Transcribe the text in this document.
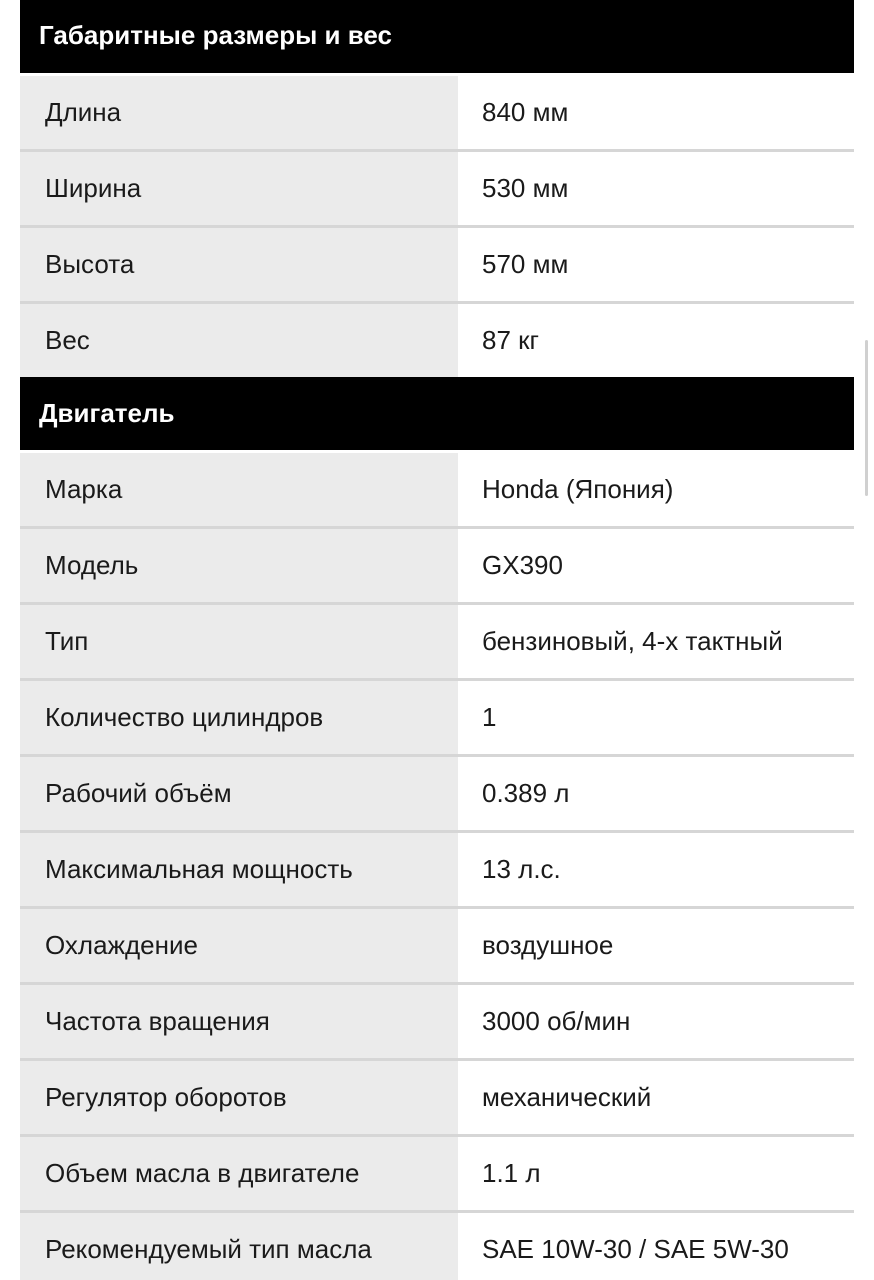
Габаритные размеры и вес
Длина	840 мм
Ширина	530 мм
Высота	570 мм
Вес	87 кг
Двигатель
Марка	Honda (Япония)
Модель	GX390
Тип	бензиновый, 4-х тактный
Количество цилиндров	1
Рабочий объём	0.389 л
Максимальная мощность	13 л.с.
Охлаждение	воздушное
Частота вращения	3000 об/мин
Регулятор оборотов	механический
Объем масла в двигателе	1.1 л
Рекомендуемый тип масла	SAE 10W-30 / SAE 5W-30
